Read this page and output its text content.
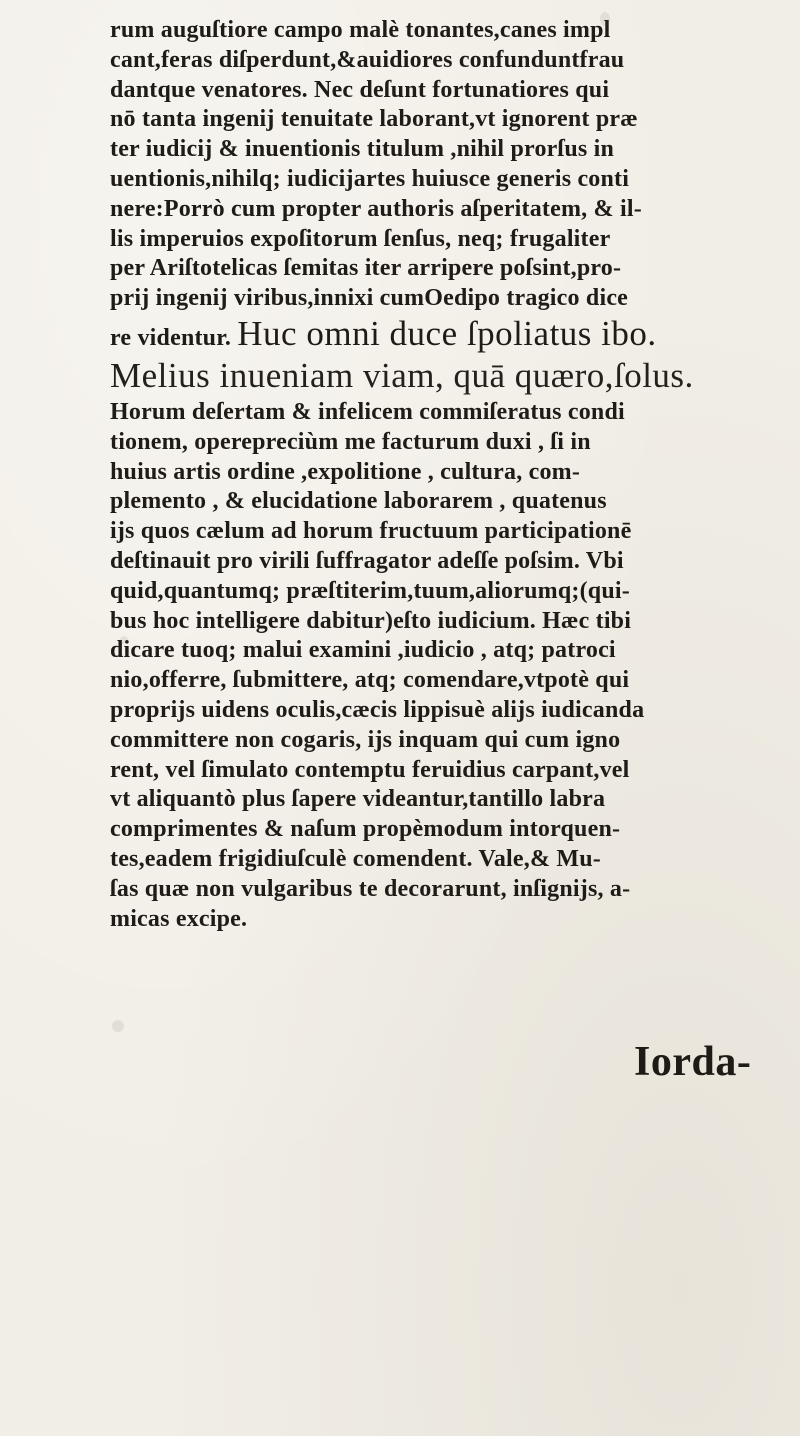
rum auguſtiore campo malè tonantes,canes impl
cant,feras diſperdunt,&auidiores confunduntfrau
dantque venatores. Nec deſunt fortunatiores qui
nō tanta ingenij tenuitate laborant,vt ignorent præ
ter iudicij & inuentionis titulum ,nihil prorſus in
uentionis,nihilq; iudicijartes huiusce generis conti
nere:Porrò cum propter authoris aſperitatem, & il-
lis imperuios expoſitorum ſenſus, neq; frugaliter
per Ariſtotelicas ſemitas iter arripere poſsint,pro-
prij ingenij viribus,innixi cumOedipo tragico dice
re videntur. Huc omni duce ſpoliatus ibo.
Melius inueniam viam, quā quæro,ſolus.
Horum deſertam & infelicem commiſeratus condi
tionem, operepreciùm me facturum duxi , ſi in
huius artis ordine ,expolitione , cultura, com-
plemento , & elucidatione laborarem , quatenus
ijs quos cælum ad horum fructuum participationē
deſtinauit pro virili ſuffragator adeſſe poſsim. Vbi
quid,quantumq; præſtiterim,tuum,aliorumq;(qui-
bus hoc intelligere dabitur)eſto iudicium. Hæc tibi
dicare tuoq; malui examini ,iudicio , atq; patroci
nio,offerre, ſubmittere, atq; comendare,vtpotè qui
proprijs uidens oculis,cæcis lippisuè alijs iudicanda
committere non cogaris, ijs inquam qui cum igno
rent, vel ſimulato contemptu feruidius carpant,vel
vt aliquantò plus ſapere videantur,tantillo labra
comprimentes & naſum propèmodum intorquen-
tes,eadem frigidiuſculè comendent. Vale,& Mu-
ſas quæ non vulgaribus te decorarunt, inſignijs, a-
micas excipe.
Iorda-
